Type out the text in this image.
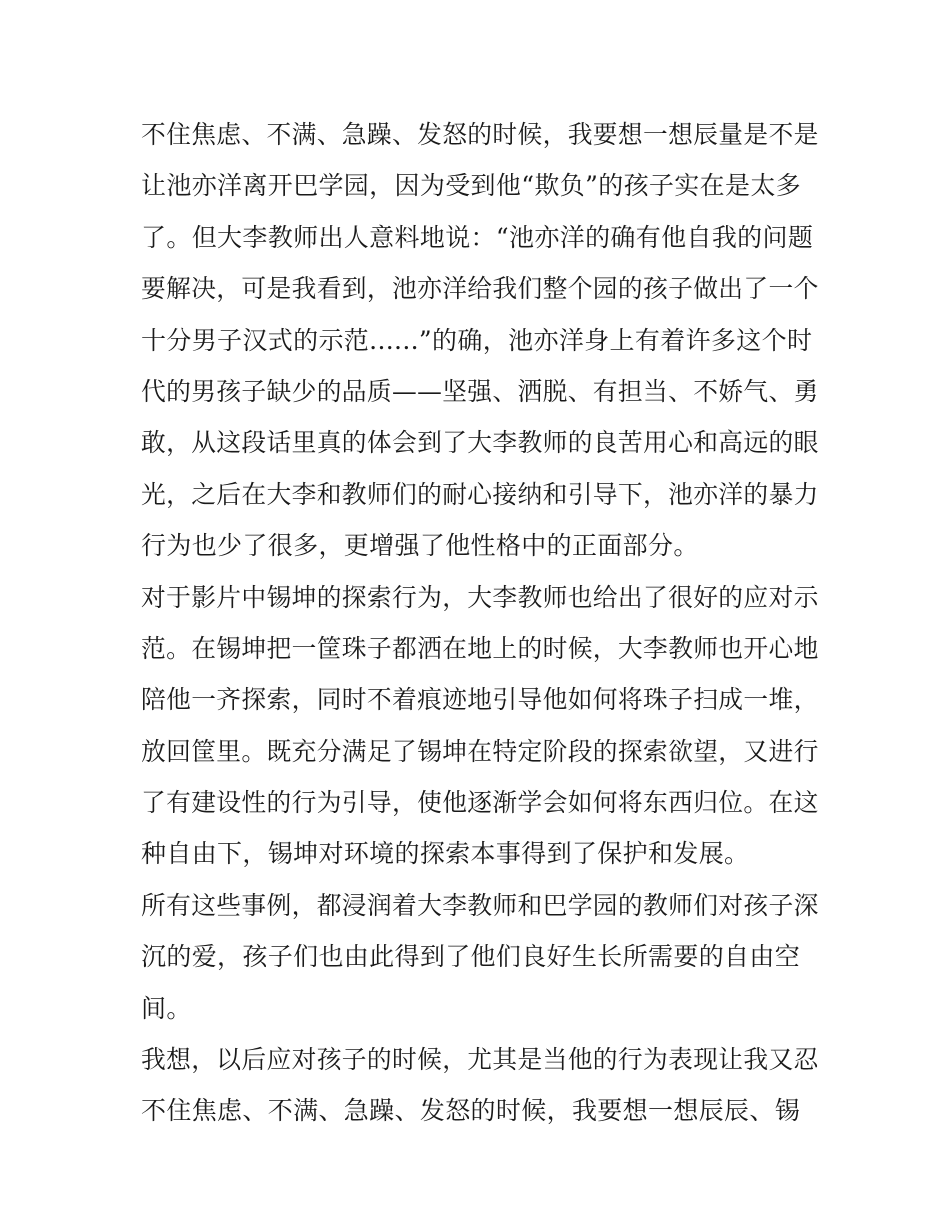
不住焦虑、不满、急躁、发怒的时候，我要想一想辰量是不是
让池亦洋离开巴学园，因为受到他“欺负”的孩子实在是太多
了。但大李教师出人意料地说：“池亦洋的确有他自我的问题
要解决，可是我看到，池亦洋给我们整个园的孩子做出了一个
十分男子汉式的示范......”的确，池亦洋身上有着许多这个时
代的男孩子缺少的品质——坚强、洒脱、有担当、不娇气、勇
敢，从这段话里真的体会到了大李教师的良苦用心和高远的眼
光，之后在大李和教师们的耐心接纳和引导下，池亦洋的暴力
行为也少了很多，更增强了他性格中的正面部分。
对于影片中锡坤的探索行为，大李教师也给出了很好的应对示
范。在锡坤把一筐珠子都洒在地上的时候，大李教师也开心地
陪他一齐探索，同时不着痕迹地引导他如何将珠子扫成一堆，
放回筐里。既充分满足了锡坤在特定阶段的探索欲望，又进行
了有建设性的行为引导，使他逐渐学会如何将东西归位。在这
种自由下，锡坤对环境的探索本事得到了保护和发展。
所有这些事例，都浸润着大李教师和巴学园的教师们对孩子深
沉的爱，孩子们也由此得到了他们良好生长所需要的自由空
间。
我想，以后应对孩子的时候，尤其是当他的行为表现让我又忍
不住焦虑、不满、急躁、发怒的时候，我要想一想辰辰、锡
